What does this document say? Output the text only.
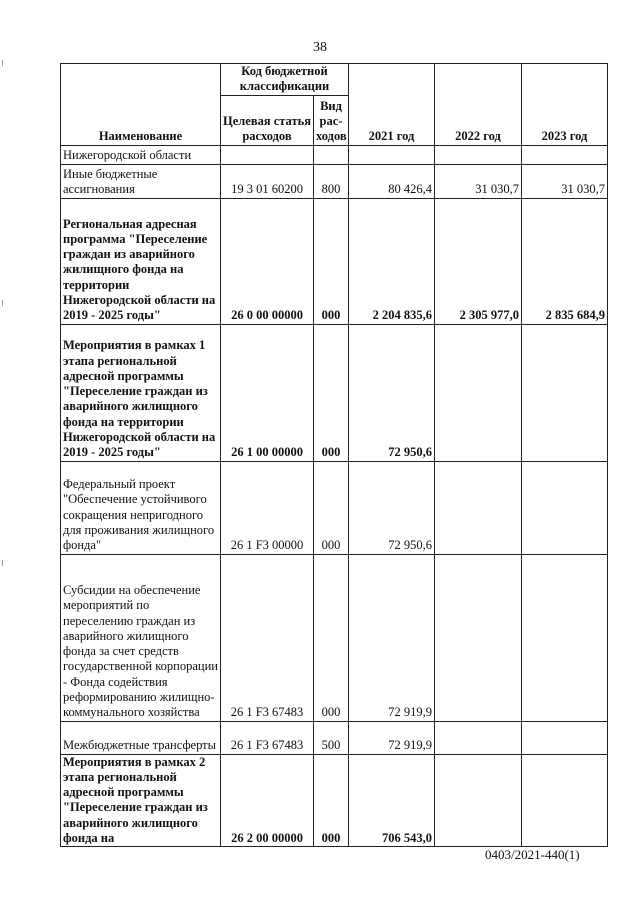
38
Наименование	Код бюджетной классификации		2021 год	2022 год	2023 год
	Целевая статья расходов	Вид рас-ходов			
Нижегородской области					
Иные бюджетные ассигнования	19 3 01 60200	800	80 426,4	31 030,7	31 030,7
Региональная адресная программа "Переселение граждан из аварийного жилищного фонда на территории Нижегородской области на 2019 - 2025 годы"	26 0 00 00000	000	2 204 835,6	2 305 977,0	2 835 684,9
Мероприятия в рамках 1 этапа региональной адресной программы "Переселение граждан из аварийного жилищного фонда на территории Нижегородской области на 2019 - 2025 годы"	26 1 00 00000	000	72 950,6		
Федеральный проект "Обеспечение устойчивого сокращения непригодного для проживания жилищного фонда"	26 1 F3 00000	000	72 950,6		
Субсидии на обеспечение мероприятий по переселению граждан из аварийного жилищного фонда за счет средств государственной корпорации - Фонда содействия реформированию жилищно-коммунального хозяйства	26 1 F3 67483	000	72 919,9		
Межбюджетные трансферты	26 1 F3 67483	500	72 919,9		
Мероприятия в рамках 2 этапа региональной адресной программы "Переселение граждан из аварийного жилищного фонда на	26 2 00 00000	000	706 543,0		
0403/2021-440(1)
